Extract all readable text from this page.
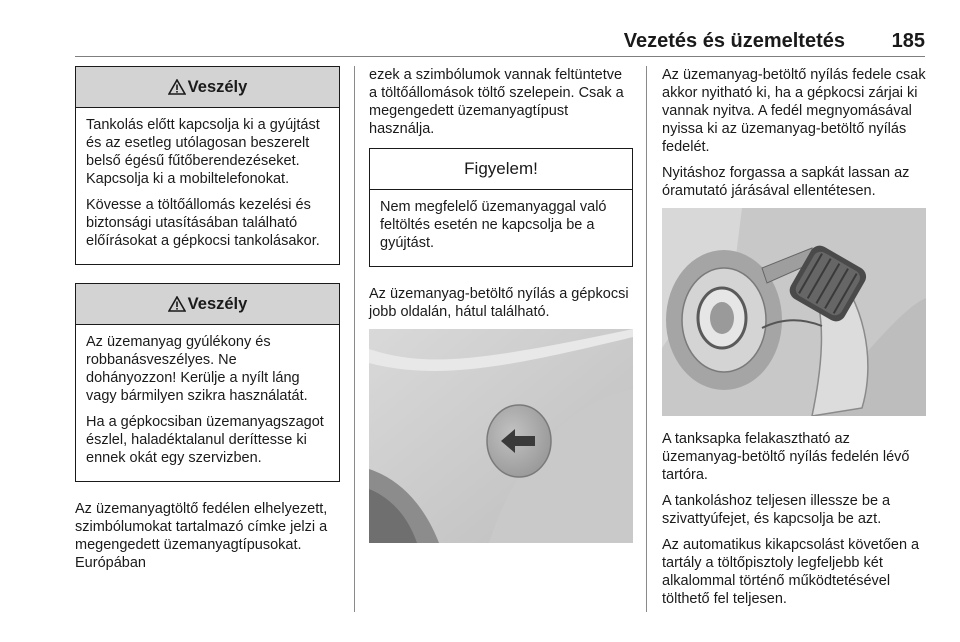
Vezetés és üzemeltetés 185
Veszély

Tankolás előtt kapcsolja ki a gyújtást és az esetleg utólagosan beszerelt belső égésű fűtőberendezéseket. Kapcsolja ki a mobiltelefonokat.

Kövesse a töltőállomás kezelési és biztonsági utasításában található előírásokat a gépkocsi tankolásakor.

Veszély

Az üzemanyag gyúlékony és robbanásveszélyes. Ne dohányozzon! Kerülje a nyílt láng vagy bármilyen szikra használatát.

Ha a gépkocsiban üzemanyagszagot észlel, haladéktalanul deríttesse ki ennek okát egy szervizben.

Az üzemanyagtöltő fedélen elhelyezett, szimbólumokat tartalmazó címke jelzi a megengedett üzemanyagtípusokat. Európában

ezek a szimbólumok vannak feltüntetve a töltőállomások töltő szelepein. Csak a megengedett üzemanyagtípust használja.

Figyelem!

Nem megfelelő üzemanyaggal való feltöltés esetén ne kapcsolja be a gyújtást.

Az üzemanyag-betöltő nyílás a gépkocsi jobb oldalán, hátul található.

Az üzemanyag-betöltő nyílás fedele csak akkor nyitható ki, ha a gépkocsi zárjai ki vannak nyitva. A fedél megnyomásával nyissa ki az üzemanyag-betöltő nyílás fedelét.

Nyitáshoz forgassa a sapkát lassan az óramutató járásával ellentétesen.

A tanksapka felakasztható az üzemanyag-betöltő nyílás fedelén lévő tartóra.

A tankoláshoz teljesen illessze be a szivattyúfejet, és kapcsolja be azt.

Az automatikus kikapcsolást követően a tartály a töltőpisztoly legfeljebb két alkalommal történő működtetésével tölthető fel teljesen.
